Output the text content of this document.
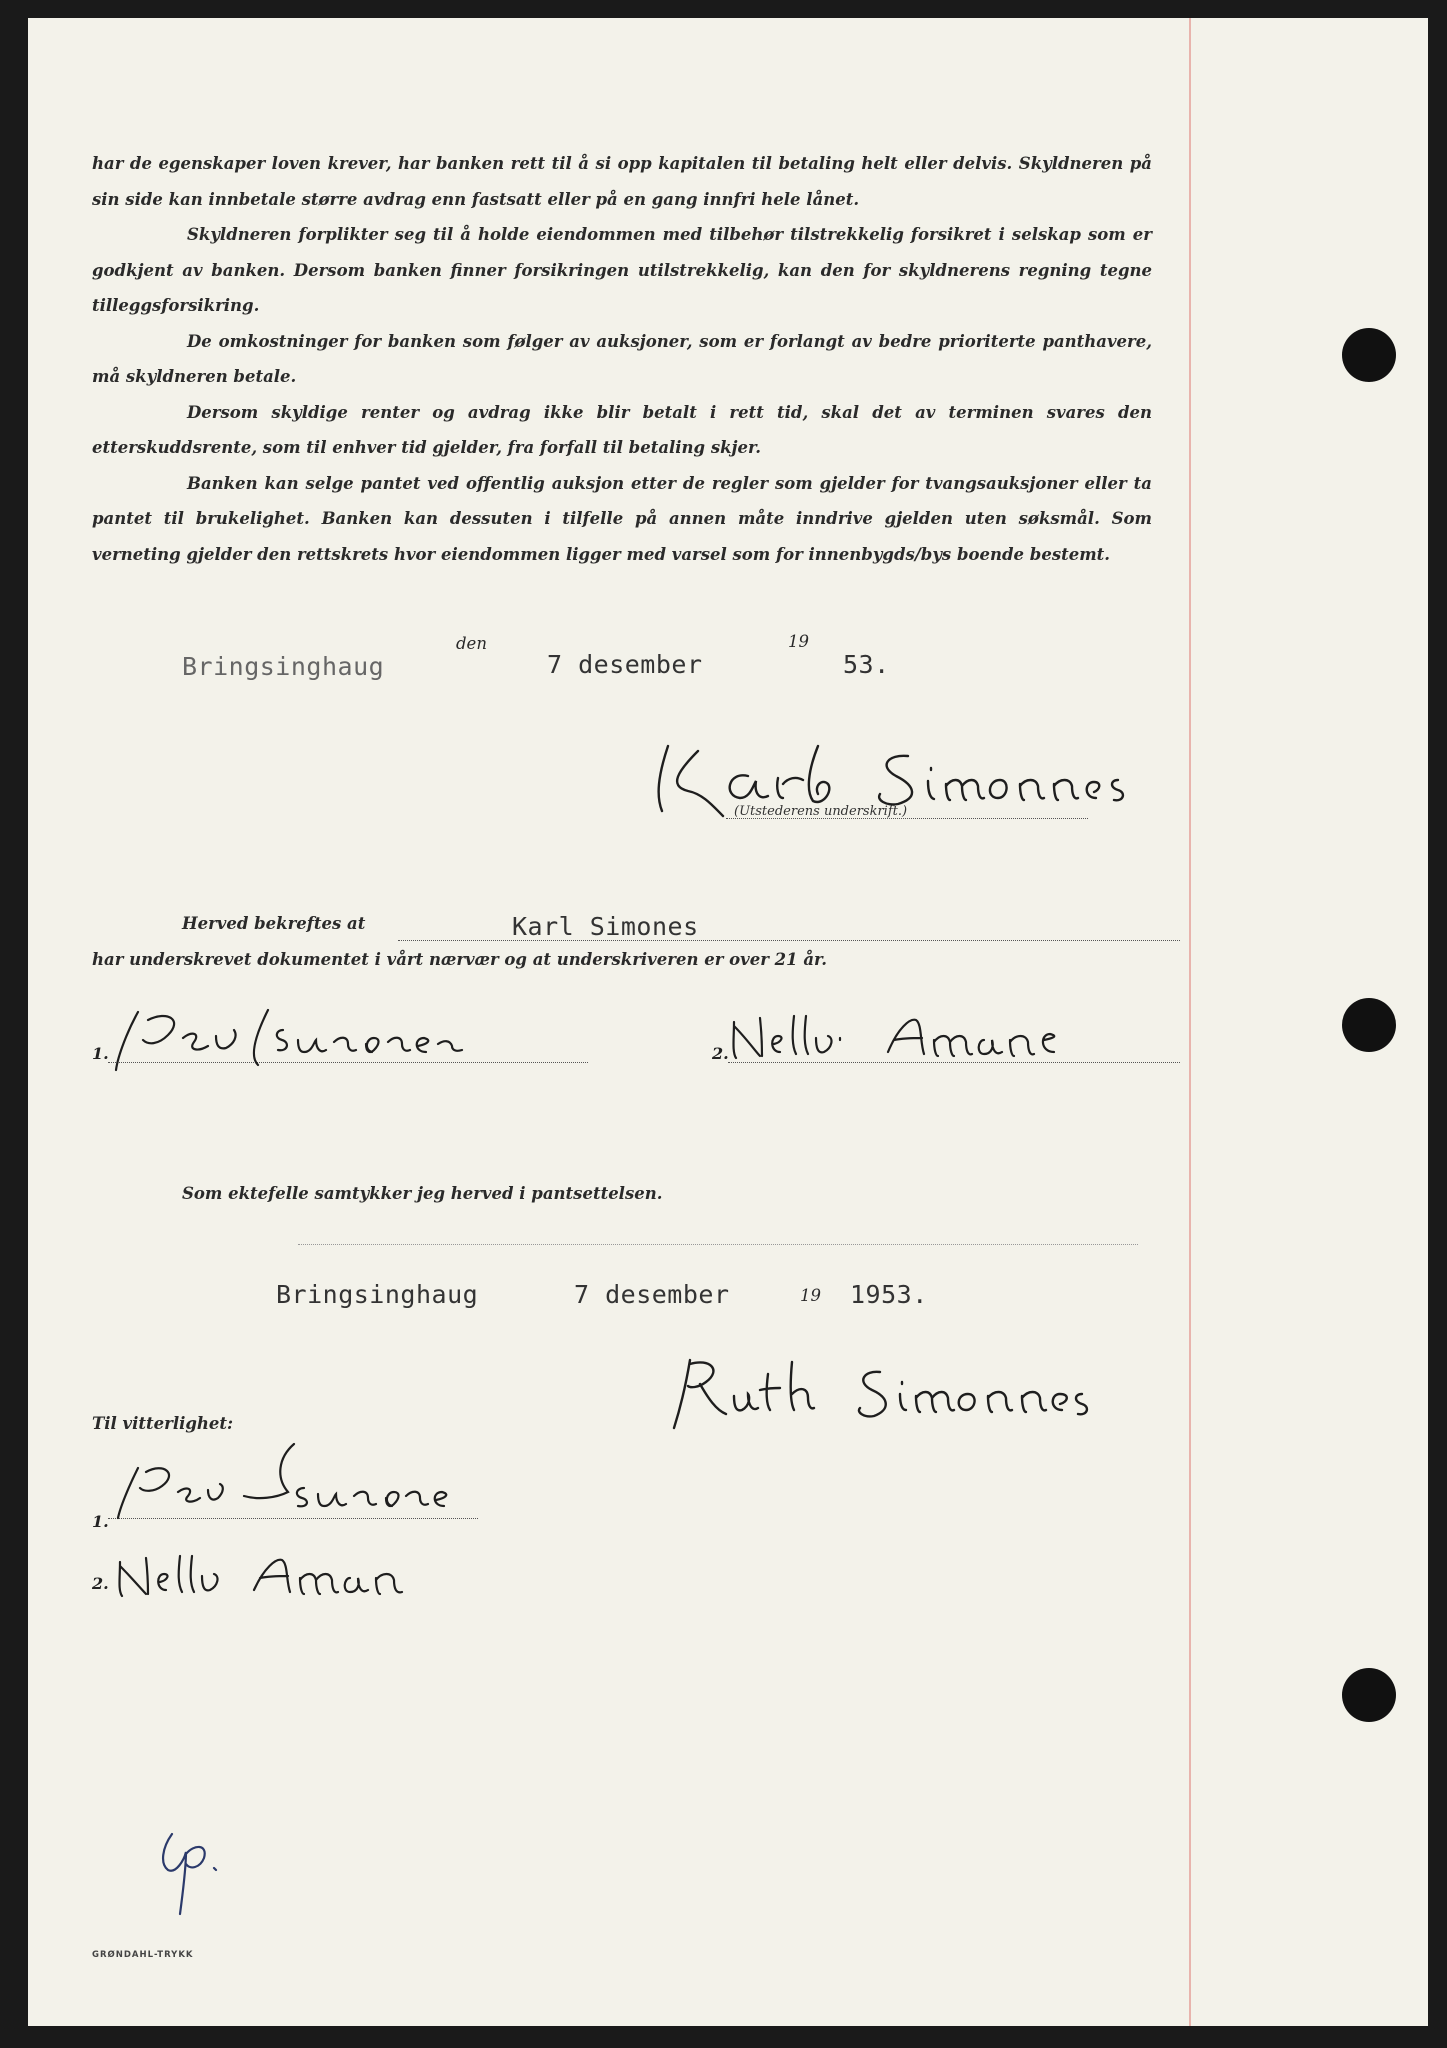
har de egenskaper loven krever, har banken rett til å si opp kapitalen til betaling helt eller delvis. Skyldneren på sin side kan innbetale større avdrag enn fastsatt eller på en gang innfri hele lånet.

Skyldneren forplikter seg til å holde eiendommen med tilbehør tilstrekkelig forsikret i selskap som er godkjent av banken. Dersom banken finner forsikringen utilstrekkelig, kan den for skyldnerens regning tegne tilleggsforsikring.

De omkostninger for banken som følger av auksjoner, som er forlangt av bedre prioriterte panthavere, må skyldneren betale.

Dersom skyldige renter og avdrag ikke blir betalt i rett tid, skal det av terminen svares den etterskuddsrente, som til enhver tid gjelder, fra forfall til betaling skjer.

Banken kan selge pantet ved offentlig auksjon etter de regler som gjelder for tvangsauksjoner eller ta pantet til brukelighet. Banken kan dessuten i tilfelle på annen måte inndrive gjelden uten søksmål. Som verneting gjelder den rettskrets hvor eiendommen ligger med varsel som for innenbygds/bys boende bestemt.

Bringsinghaug
den
7 desember
19
53.
(Utstederens underskrift.)
Herved bekreftes at	Karl Simones
har underskrevet dokumentet i vårt nærvær og at underskriveren er over 21 år.
1.	2.
Som ektefelle samtykker jeg herved i pantsettelsen.
Bringsinghaug	7 desember	19 1953.
Til vitterlighet:
1.
2.
GRØNDAHL-TRYKK
